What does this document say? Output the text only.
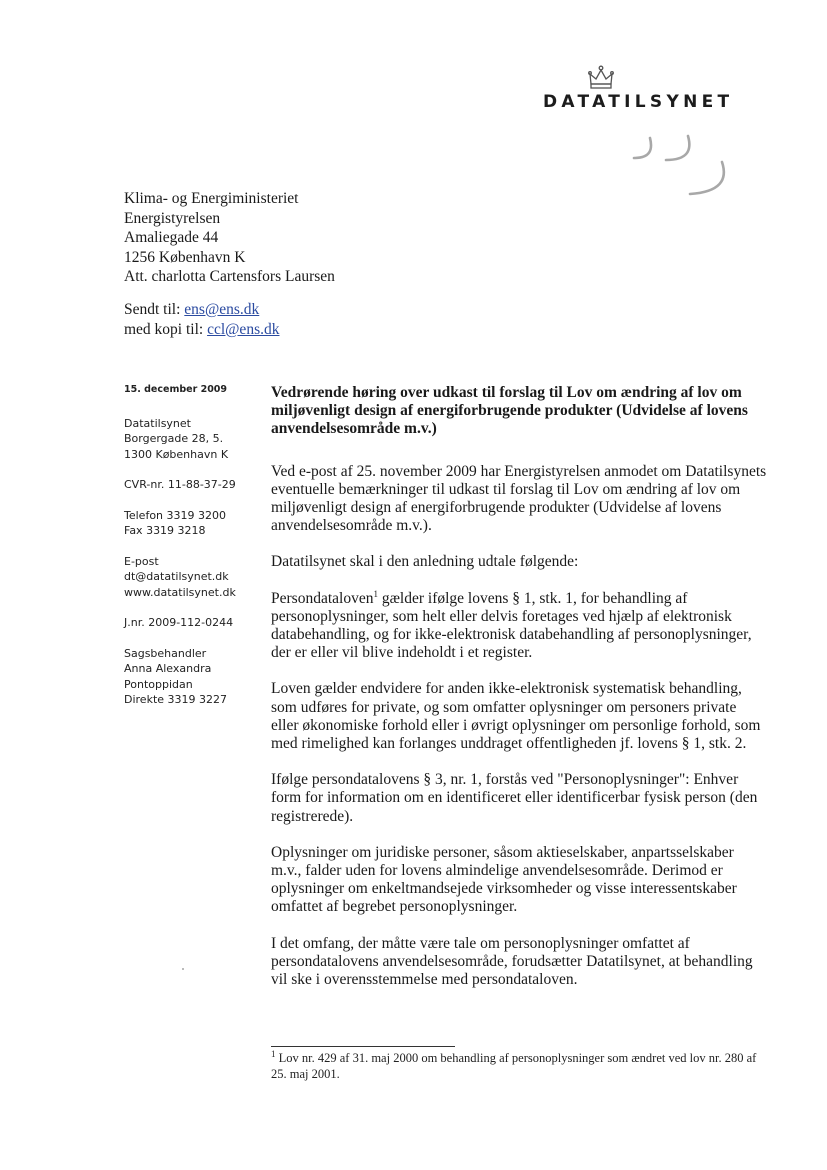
DATATILSYNET
Klima- og Energiministeriet
Energistyrelsen
Amaliegade 44
1256 København K
Att. charlotta Cartensfors Laursen
Sendt til: ens@ens.dk
med kopi til: ccl@ens.dk
15. december 2009
Datatilsynet
Borgergade 28, 5.
1300 København K
CVR-nr. 11-88-37-29
Telefon 3319 3200
Fax 3319 3218
E-post
dt@datatilsynet.dk
www.datatilsynet.dk
J.nr. 2009-112-0244
Sagsbehandler
Anna Alexandra
Pontoppidan
Direkte 3319 3227
Vedrørende høring over udkast til forslag til Lov om ændring af lov om miljøvenligt design af energiforbrugende produkter (Udvidelse af lovens anvendelsesområde m.v.)

Ved e-post af 25. november 2009 har Energistyrelsen anmodet om Datatilsynets eventuelle bemærkninger til udkast til forslag til Lov om ændring af lov om miljøvenligt design af energiforbrugende produkter (Udvidelse af lovens anvendelsesområde m.v.).

Datatilsynet skal i den anledning udtale følgende:

Persondataloven$^1$ gælder ifølge lovens § 1, stk. 1, for behandling af personoplysninger, som helt eller delvis foretages ved hjælp af elektronisk databehandling, og for ikke-elektronisk databehandling af personoplysninger, der er eller vil blive indeholdt i et register.

Loven gælder endvidere for anden ikke-elektronisk systematisk behandling, som udføres for private, og som omfatter oplysninger om personers private eller økonomiske forhold eller i øvrigt oplysninger om personlige forhold, som med rimelighed kan forlanges unddraget offentligheden jf. lovens § 1, stk. 2.

Ifølge persondatalovens § 3, nr. 1, forstås ved "Personoplysninger": Enhver form for information om en identificeret eller identificerbar fysisk person (den registrerede).

Oplysninger om juridiske personer, såsom aktieselskaber, anpartsselskaber m.v., falder uden for lovens almindelige anvendelsesområde. Derimod er oplysninger om enkeltmandsejede virksomheder og visse interessentskaber omfattet af begrebet personoplysninger.

I det omfang, der måtte være tale om personoplysninger omfattet af persondatalovens anvendelsesområde, forudsætter Datatilsynet, at behandling vil ske i overensstemmelse med persondataloven.

$^1$ Lov nr. 429 af 31. maj 2000 om behandling af personoplysninger som ændret ved lov nr. 280 af 25. maj 2001.
